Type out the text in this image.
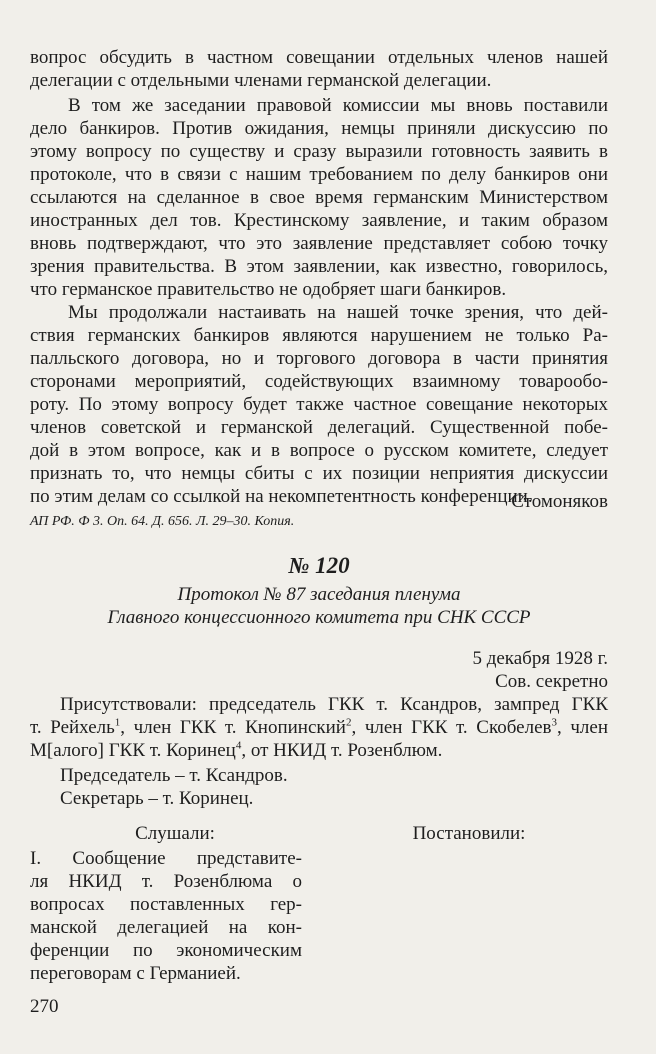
вопрос обсудить в частном совещании отдельных членов нашей
делегации с отдельными членами германской делегации.
В том же заседании правовой комиссии мы вновь поставили
дело банкиров. Против ожидания, немцы приняли дискуссию по
этому вопросу по существу и сразу выразили готовность заявить в
протоколе, что в связи с нашим требованием по делу банкиров они
ссылаются на сделанное в свое время германским Министерством
иностранных дел тов. Крестинскому заявление, и таким образом
вновь подтверждают, что это заявление представляет собою точку
зрения правительства. В этом заявлении, как известно, говорилось,
что германское правительство не одобряет шаги банкиров.
Мы продолжали настаивать на нашей точке зрения, что дей-
ствия германских банкиров являются нарушением не только Ра-
палльского договора, но и торгового договора в части принятия
сторонами мероприятий, содействующих взаимному товарообо-
роту. По этому вопросу будет также частное совещание некоторых
членов советской и германской делегаций. Существенной побе-
дой в этом вопросе, как и в вопросе о русском комитете, следует
признать то, что немцы сбиты с их позиции неприятия дискуссии
по этим делам со ссылкой на некомпетентность конференции.
Стомоняков
АП РФ. Ф 3. Оп. 64. Д. 656. Л. 29–30. Копия.
№ 120
Протокол № 87 заседания пленума
Главного концессионного комитета при СНК СССР
5 декабря 1928 г.
Сов. секретно
Присутствовали: председатель ГКК т. Ксандров, зампред ГКК
т. Рейхель$^1$, член ГКК т. Кнопинский$^2$, член ГКК т. Скобелев$^3$, член
М[алого] ГКК т. Коринец$^4$, от НКИД т. Розенблюм.
Председатель – т. Ксандров.
Секретарь – т. Коринец.
Слушали:	Постановили:
I. Сообщение представите-
ля НКИД т. Розенблюма о
вопросах поставленных гер-
манской делегацией на кон-
ференции по экономическим
переговорам с Германией.
270
